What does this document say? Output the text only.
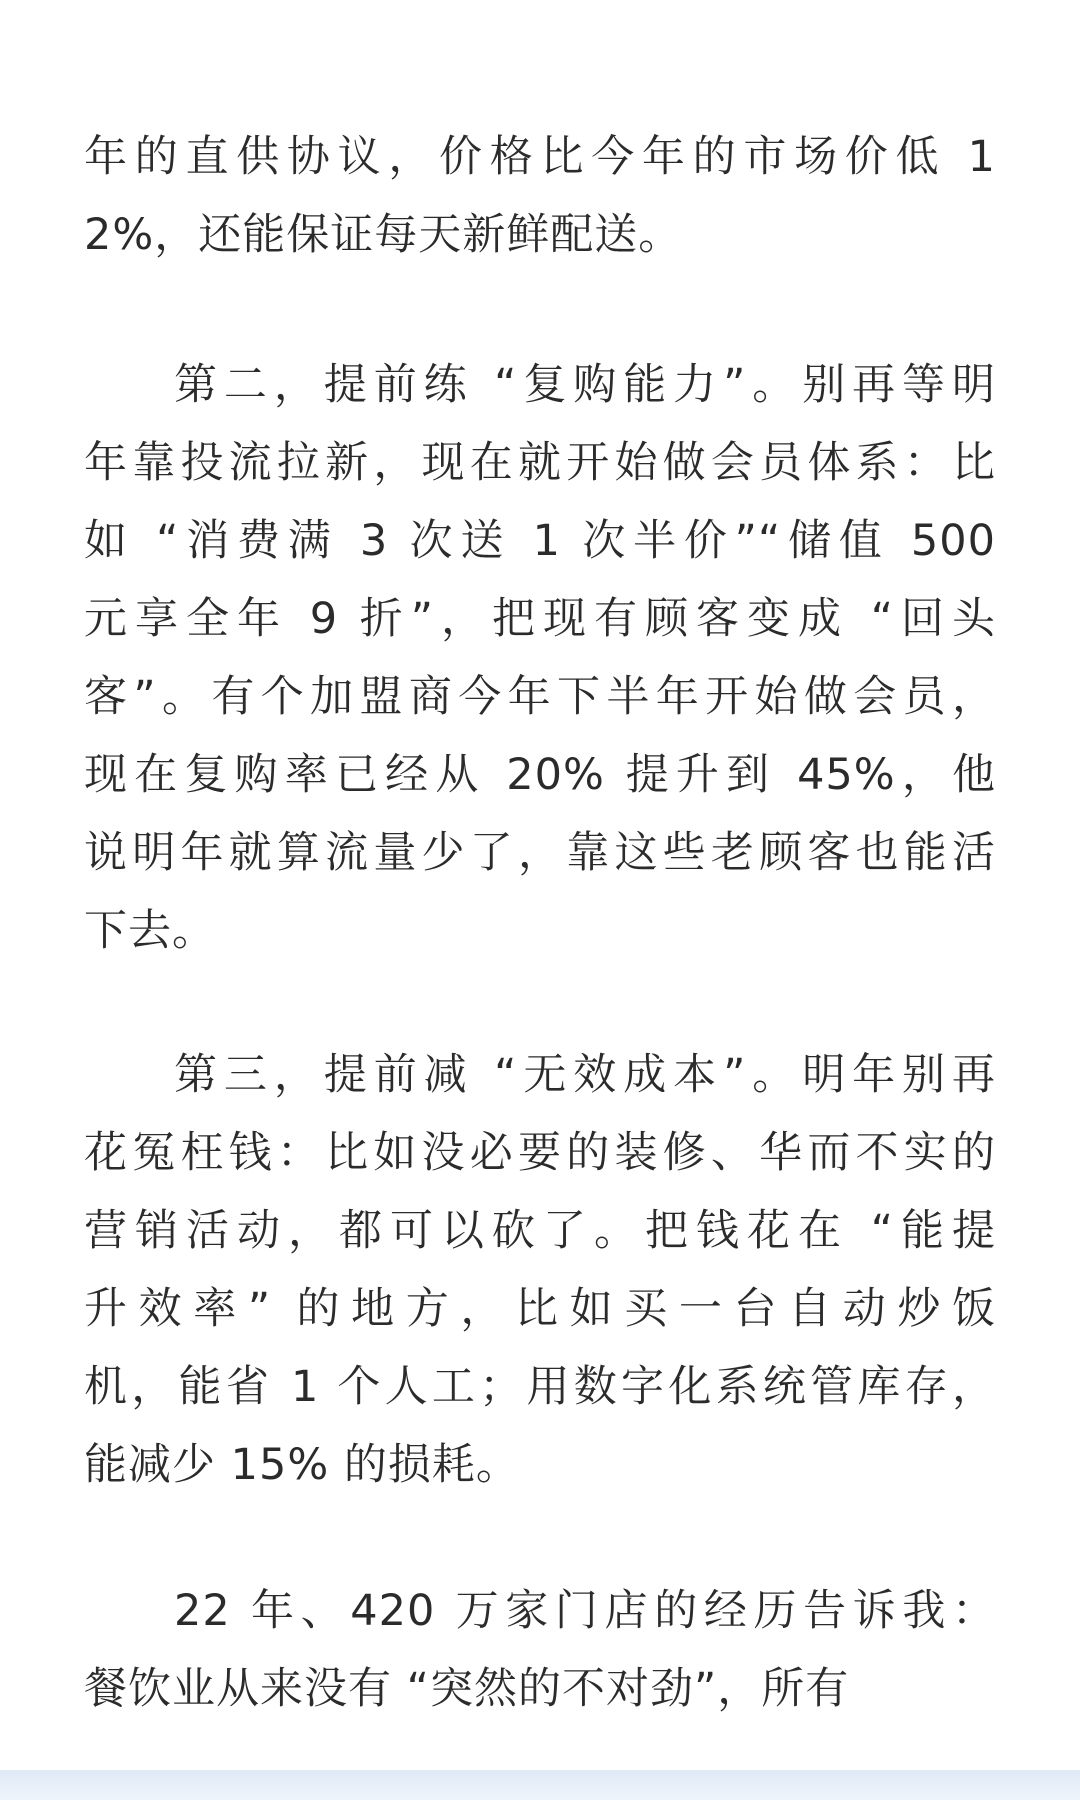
年的直供协议，价格比今年的市场价低 1
2%，还能保证每天新鲜配送。
第二，提前练 “复购能力”。别再等明
年靠投流拉新，现在就开始做会员体系：比
如 “消费满 3 次送 1 次半价”“储值 500
元享全年 9 折”，把现有顾客变成 “回头
客”。有个加盟商今年下半年开始做会员，
现在复购率已经从 20% 提升到 45%，他
说明年就算流量少了，靠这些老顾客也能活
下去。
第三，提前减 “无效成本”。明年别再
花冤枉钱：比如没必要的装修、华而不实的
营销活动，都可以砍了。把钱花在 “能提
升效率” 的地方，比如买一台自动炒饭
机，能省 1 个人工；用数字化系统管库存，
能减少 15% 的损耗。
22 年、420 万家门店的经历告诉我：
餐饮业从来没有 “突然的不对劲”，所有
